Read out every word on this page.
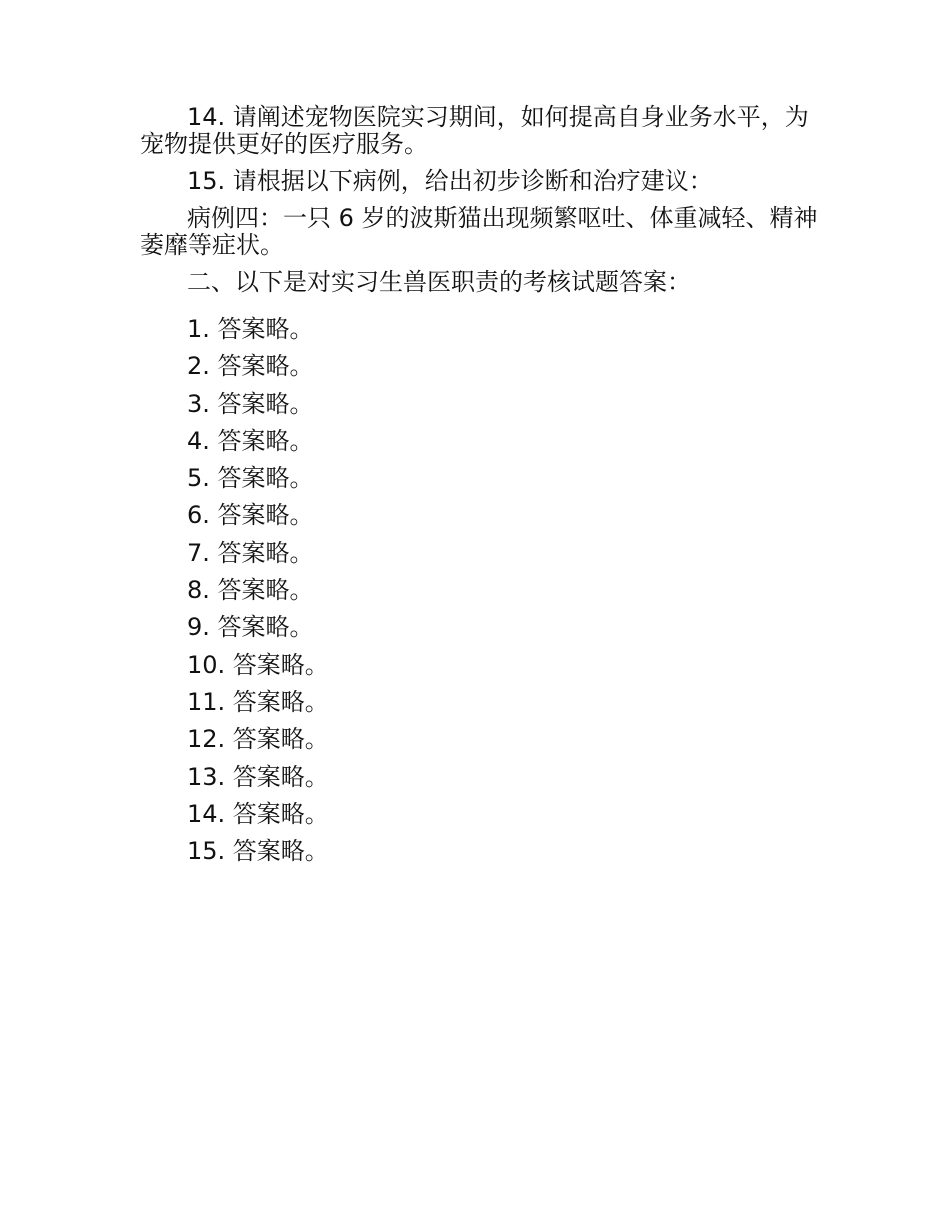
14. 请阐述宠物医院实习期间，如何提高自身业务水平，为宠物提供更好的医疗服务。

15. 请根据以下病例，给出初步诊断和治疗建议：

病例四：一只 6 岁的波斯猫出现频繁呕吐、体重减轻、精神萎靡等症状。

二、以下是对实习生兽医职责的考核试题答案：

1. 答案略。
2. 答案略。
3. 答案略。
4. 答案略。
5. 答案略。
6. 答案略。
7. 答案略。
8. 答案略。
9. 答案略。
10. 答案略。
11. 答案略。
12. 答案略。
13. 答案略。
14. 答案略。
15. 答案略。
